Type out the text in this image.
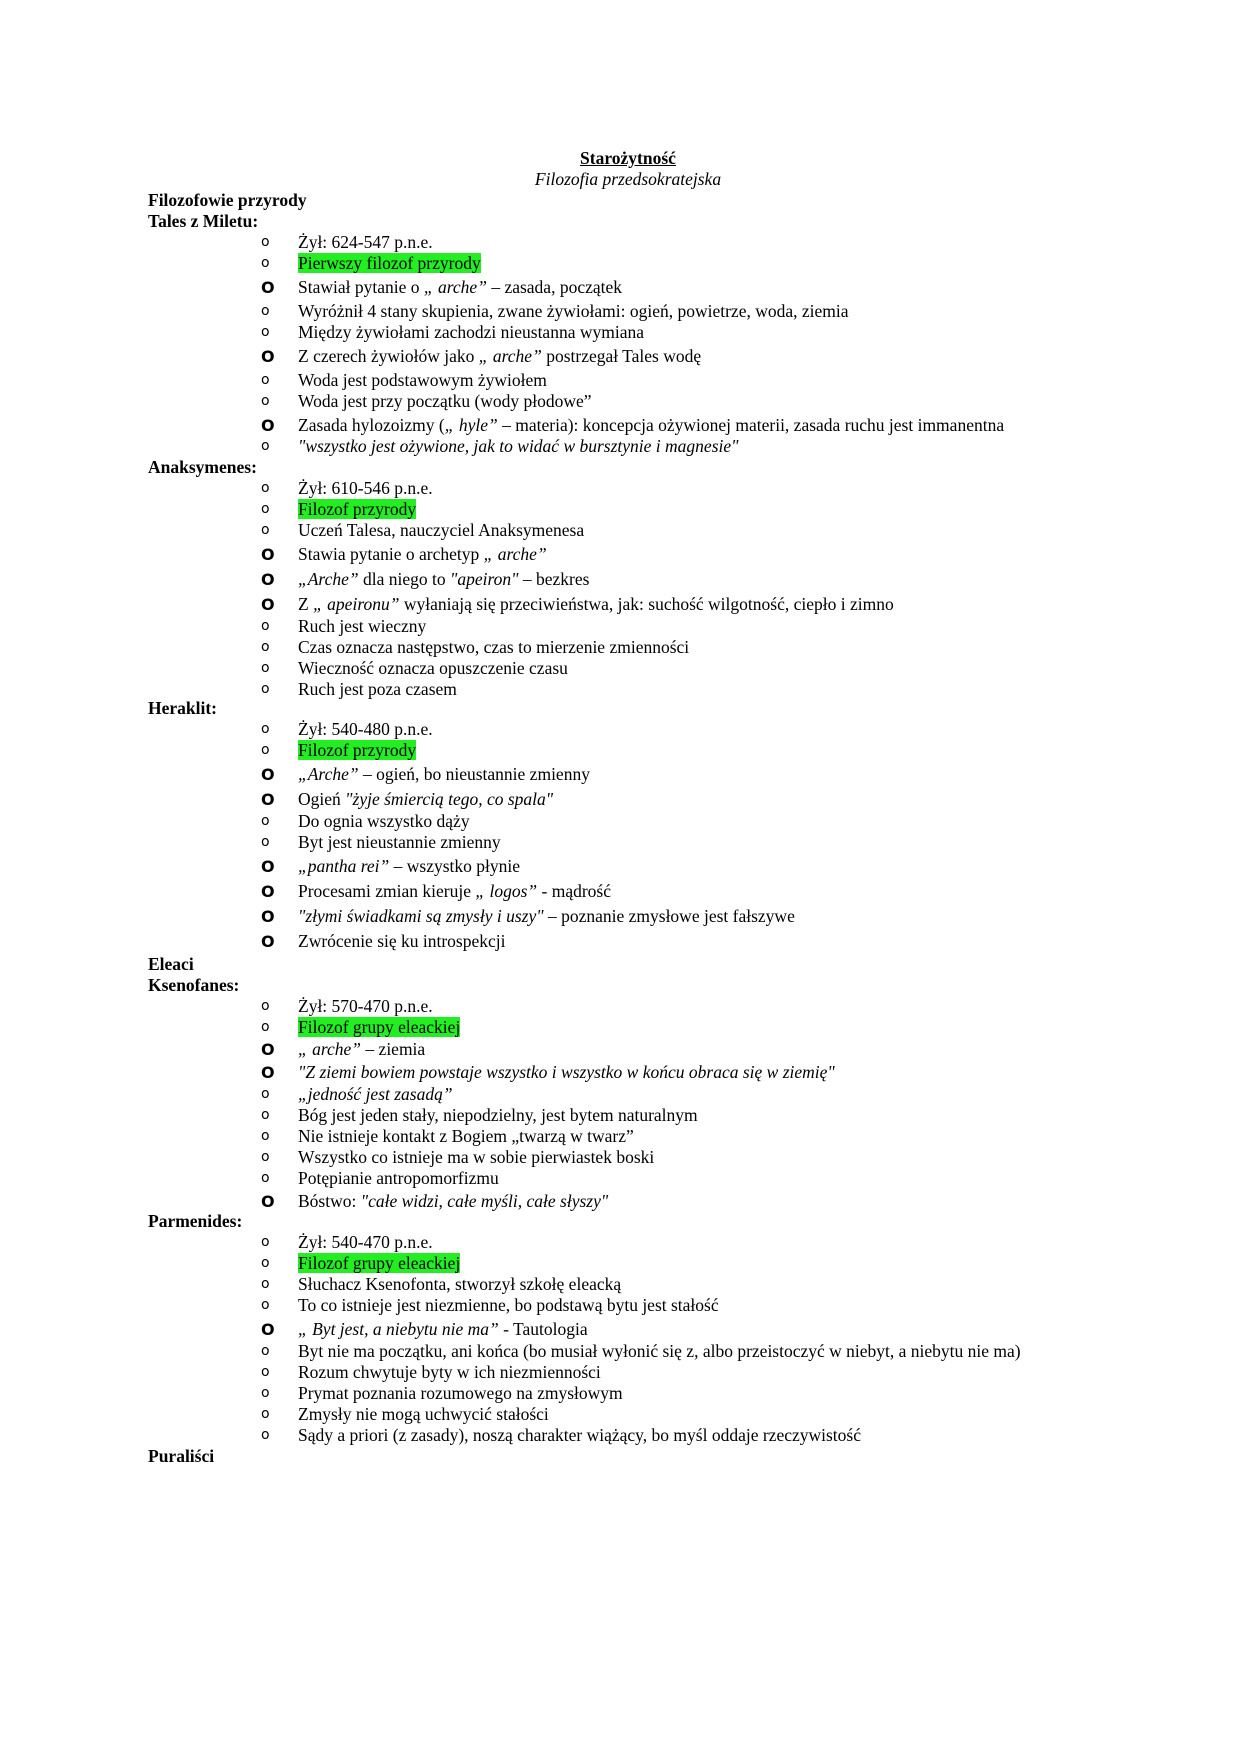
Starożytność
Filozofia przedsokratejska
Filozofowie przyrody
Tales z Miletu:
o	Żył: 624-547 p.n.e.
o	Pierwszy filozof przyrody
O	Stawiał pytanie o „ arche” – zasada, początek
o	Wyróżnił 4 stany skupienia, zwane żywiołami: ogień, powietrze, woda, ziemia
o	Między żywiołami zachodzi nieustanna wymiana
O	Z czerech żywiołów jako „ arche” postrzegał Tales wodę
o	Woda jest podstawowym żywiołem
o	Woda jest przy początku (wody płodowe”
O	Zasada hylozoizmy („ hyle” – materia): koncepcja ożywionej materii, zasada ruchu jest immanentna
o	"wszystko jest ożywione, jak to widać w bursztynie i magnesie"
Anaksymenes:
o	Żył: 610-546 p.n.e.
o	Filozof przyrody
o	Uczeń Talesa, nauczyciel Anaksymenesa
O	Stawia pytanie o archetyp „ arche”
O	„Arche” dla niego to "apeiron" – bezkres
O	Z „ apeironu” wyłaniają się przeciwieństwa, jak: suchość wilgotność, ciepło i zimno
o	Ruch jest wieczny
o	Czas oznacza następstwo, czas to mierzenie zmienności
o	Wieczność oznacza opuszczenie czasu
o	Ruch jest poza czasem
Heraklit:
o	Żył: 540-480 p.n.e.
o	Filozof przyrody
O	„Arche” – ogień, bo nieustannie zmienny
O	Ogień "żyje śmiercią tego, co spala"
o	Do ognia wszystko dąży
o	Byt jest nieustannie zmienny
O	„pantha rei” – wszystko płynie
O	Procesami zmian kieruje „ logos” - mądrość
O	"złymi świadkami są zmysły i uszy" – poznanie zmysłowe jest fałszywe
O	Zwrócenie się ku introspekcji
Eleaci
Ksenofanes:
o	Żył: 570-470 p.n.e.
o	Filozof grupy eleackiej
O	„ arche” – ziemia
O	"Z ziemi bowiem powstaje wszystko i wszystko w końcu obraca się w ziemię"
o	„jedność jest zasadą”
o	Bóg jest jeden stały, niepodzielny, jest bytem naturalnym
o	Nie istnieje kontakt z Bogiem „twarzą w twarz”
o	Wszystko co istnieje ma w sobie pierwiastek boski
o	Potępianie antropomorfizmu
O	Bóstwo: "całe widzi, całe myśli, całe słyszy"
Parmenides:
o	Żył: 540-470 p.n.e.
o	Filozof grupy eleackiej
o	Słuchacz Ksenofonta, stworzył szkołę eleacką
o	To co istnieje jest niezmienne, bo podstawą bytu jest stałość
O	„ Byt jest, a niebytu nie ma” - Tautologia
o	Byt nie ma początku, ani końca (bo musiał wyłonić się z, albo przeistoczyć w niebyt, a niebytu nie ma)
o	Rozum chwytuje byty w ich niezmienności
o	Prymat poznania rozumowego na zmysłowym
o	Zmysły nie mogą uchwycić stałości
o	Sądy a priori (z zasady), noszą charakter wiążący, bo myśl oddaje rzeczywistość
Puraliści
